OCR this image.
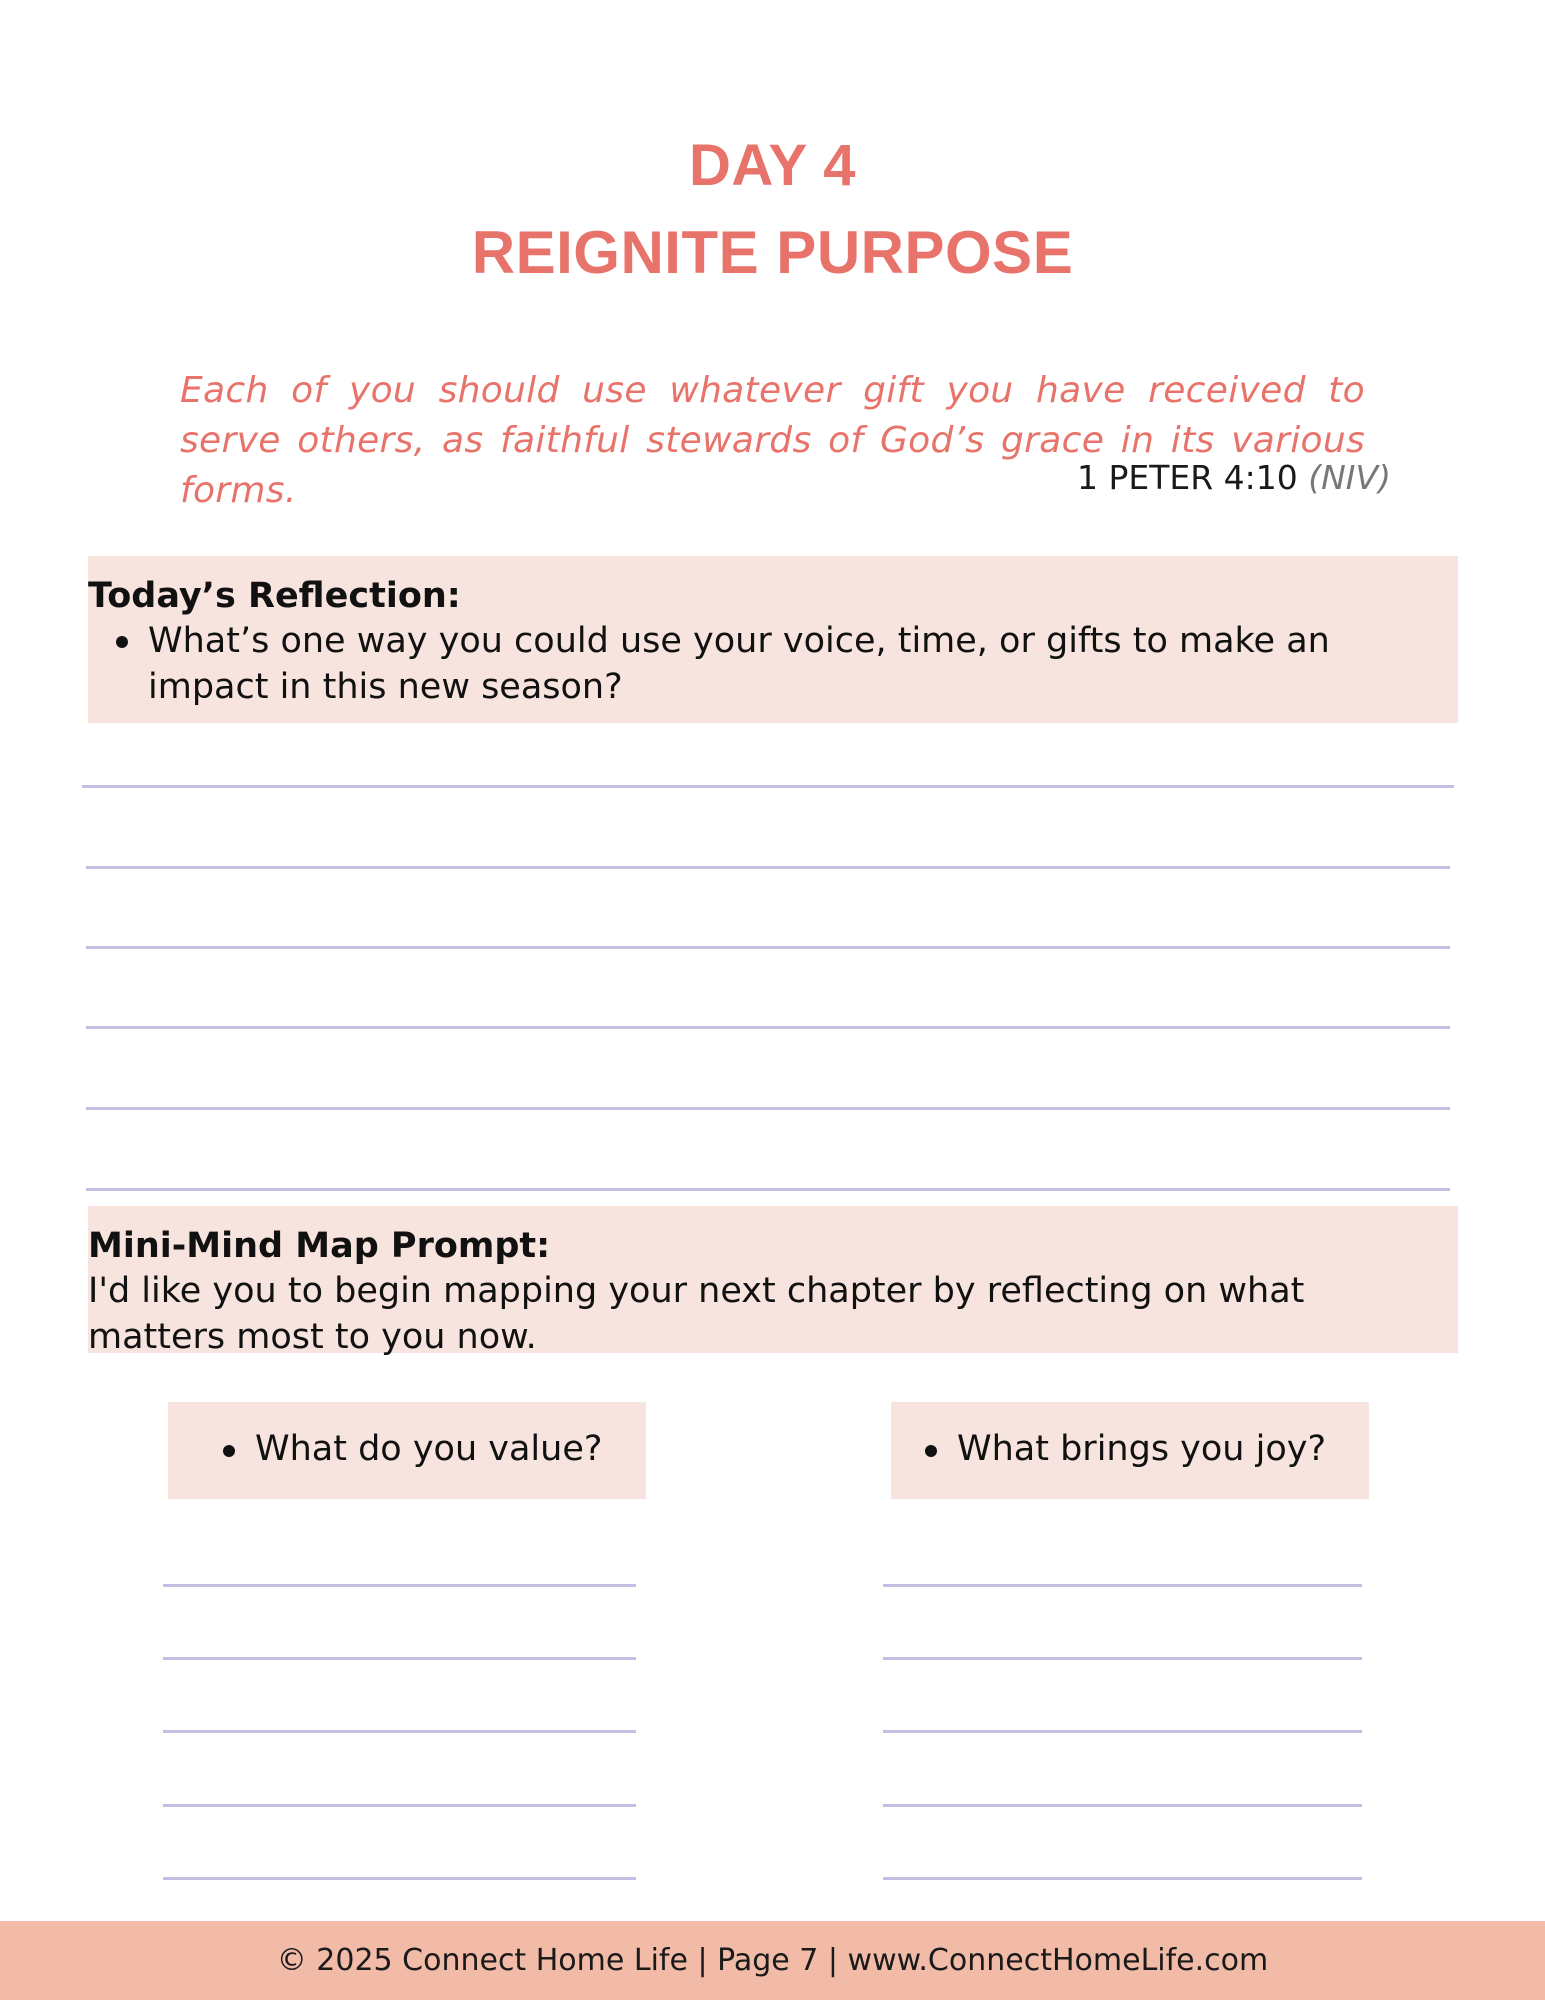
DAY 4
REIGNITE PURPOSE

Each of you should use whatever gift you have received to serve others, as faithful stewards of God’s grace in its various forms.	1 PETER 4:10 (NIV)
Today’s Reflection:
What’s one way you could use your voice, time, or gifts to make an impact in this new season?
Mini-Mind Map Prompt:
I'd like you to begin mapping your next chapter by reflecting on what matters most to you now.
What do you value?	What brings you joy?
© 2025 Connect Home Life | Page 7 | www.ConnectHomeLife.com
